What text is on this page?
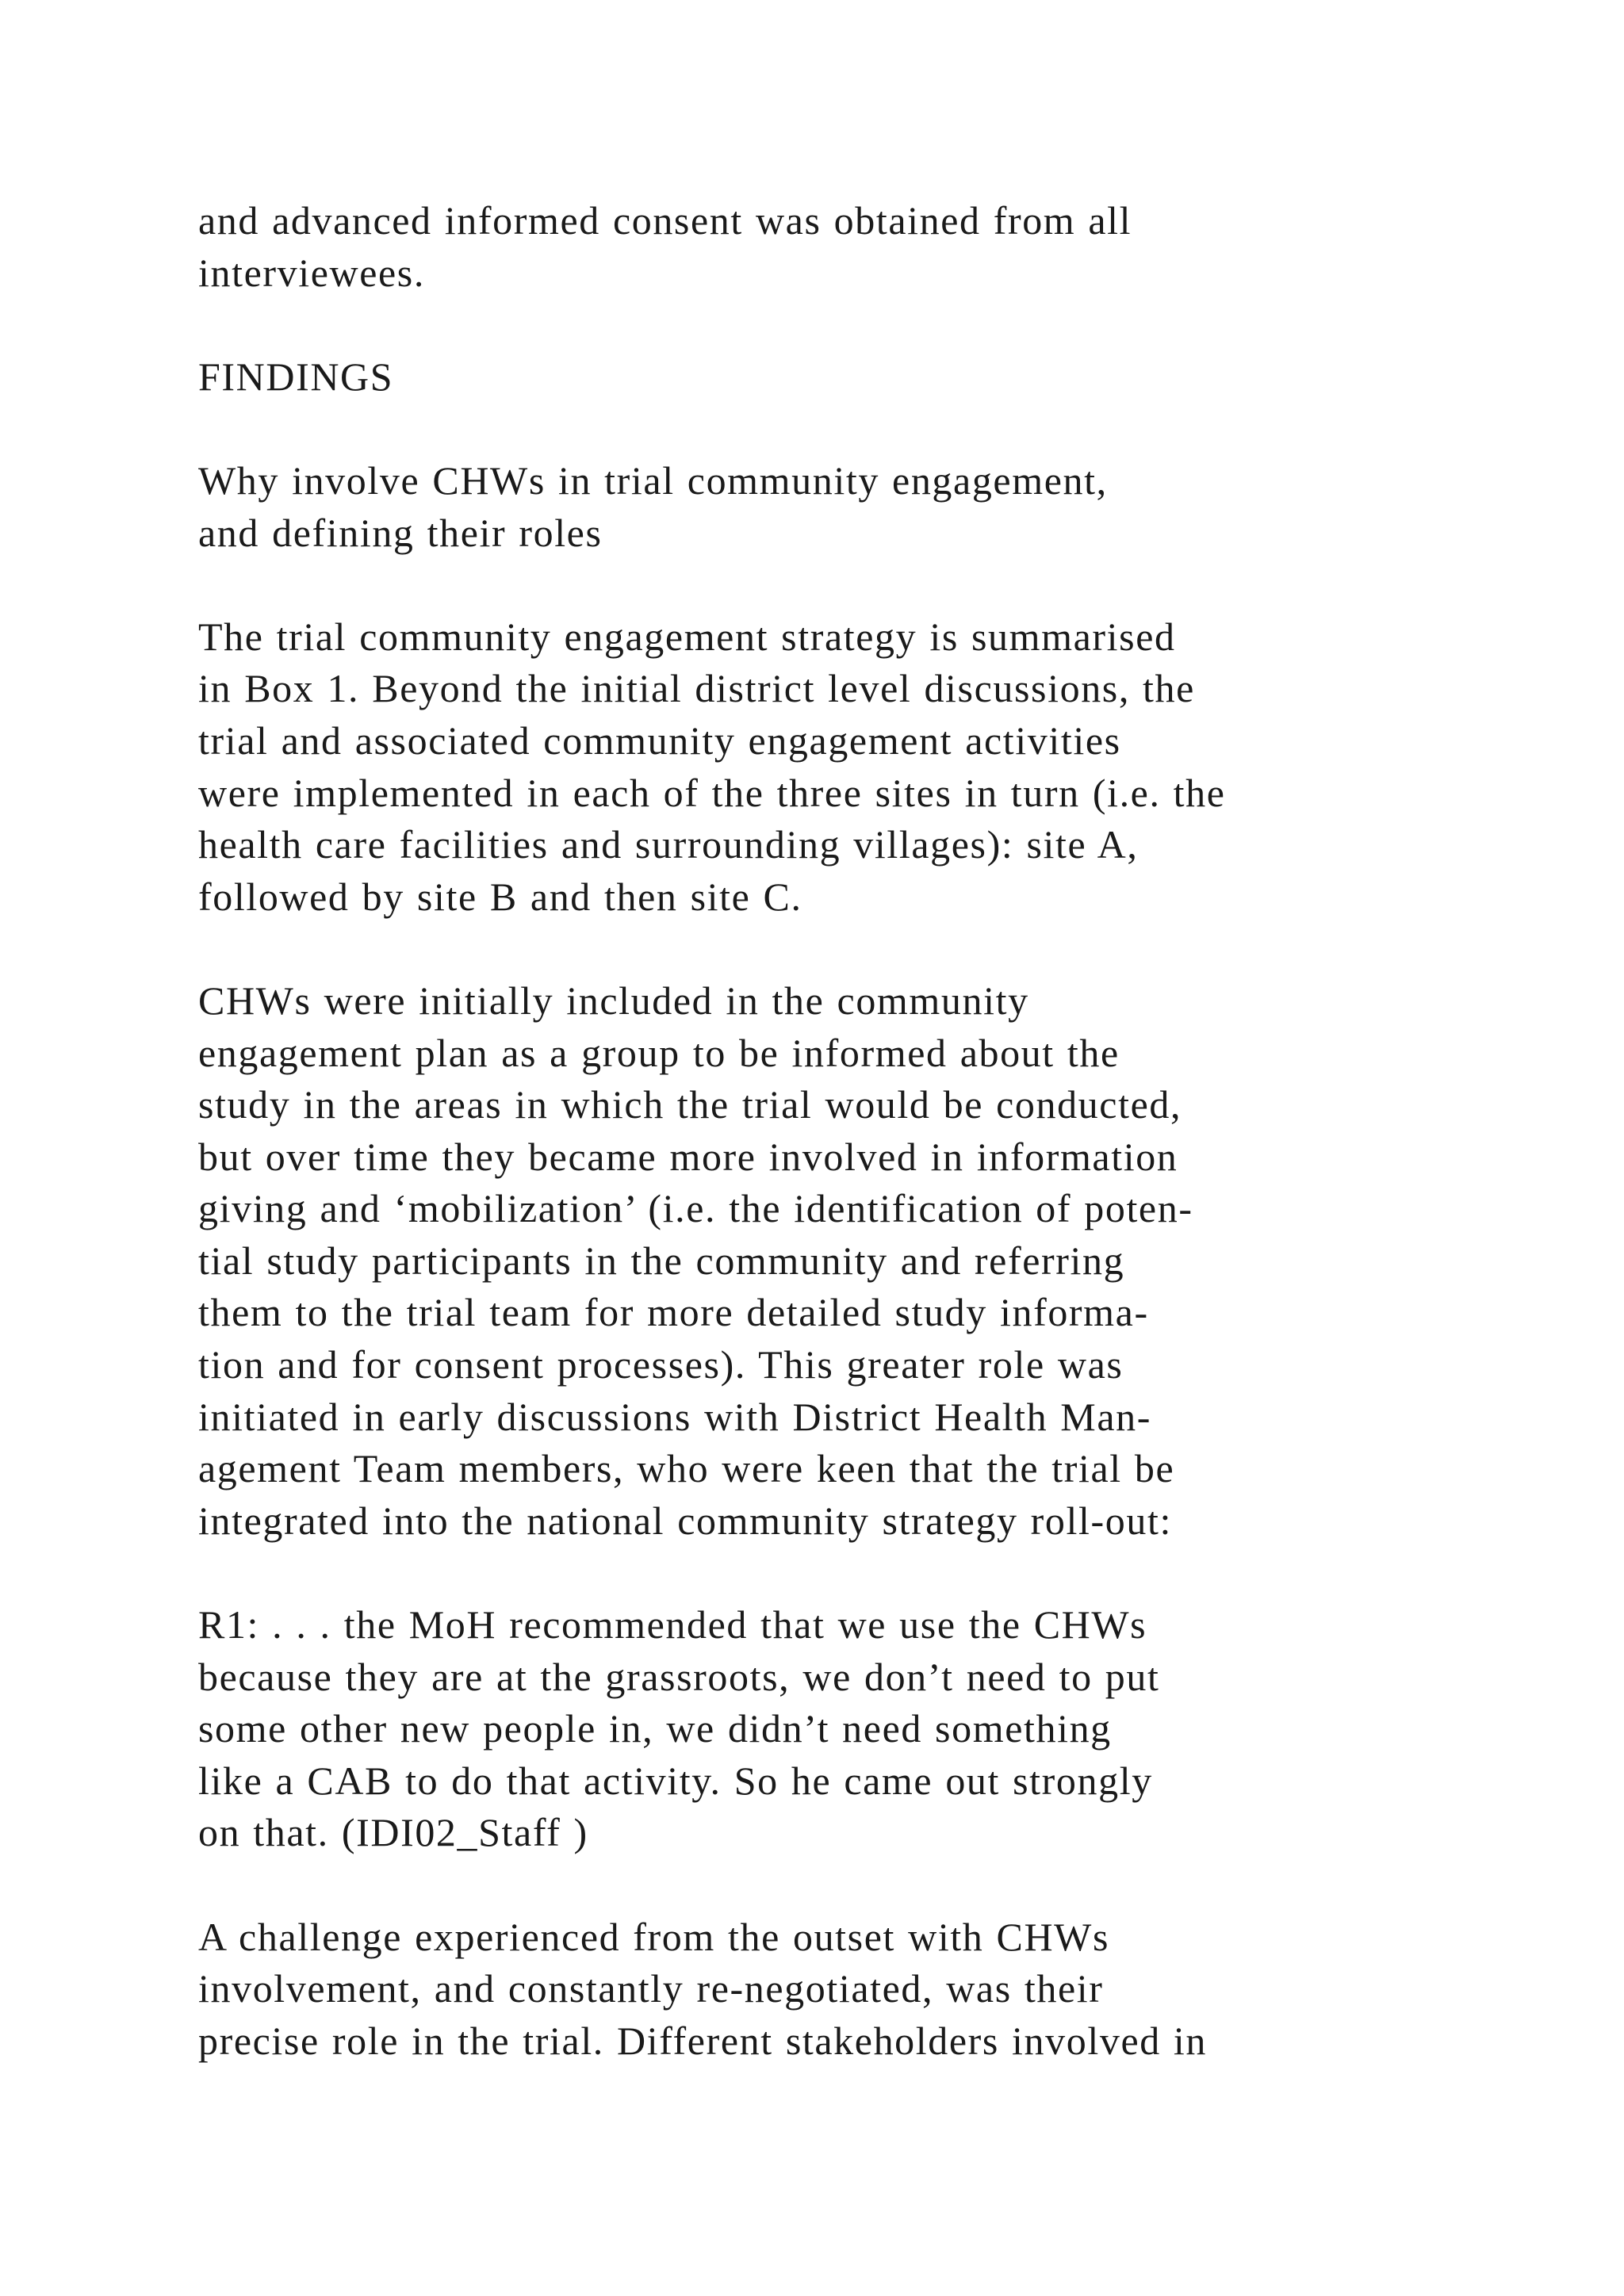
and advanced informed consent was obtained from all
interviewees.
FINDINGS
Why involve CHWs in trial community engagement,
and defining their roles
The trial community engagement strategy is summarised
in Box 1. Beyond the initial district level discussions, the
trial and associated community engagement activities
were implemented in each of the three sites in turn (i.e. the
health care facilities and surrounding villages): site A,
followed by site B and then site C.
CHWs were initially included in the community
engagement plan as a group to be informed about the
study in the areas in which the trial would be conducted,
but over time they became more involved in information
giving and ‘mobilization’ (i.e. the identification of poten-
tial study participants in the community and referring
them to the trial team for more detailed study informa-
tion and for consent processes). This greater role was
initiated in early discussions with District Health Man-
agement Team members, who were keen that the trial be
integrated into the national community strategy roll-out:
R1: . . . the MoH recommended that we use the CHWs
because they are at the grassroots, we don’t need to put
some other new people in, we didn’t need something
like a CAB to do that activity. So he came out strongly
on that. (IDI02_Staff )
A challenge experienced from the outset with CHWs
involvement, and constantly re-negotiated, was their
precise role in the trial. Different stakeholders involved in
